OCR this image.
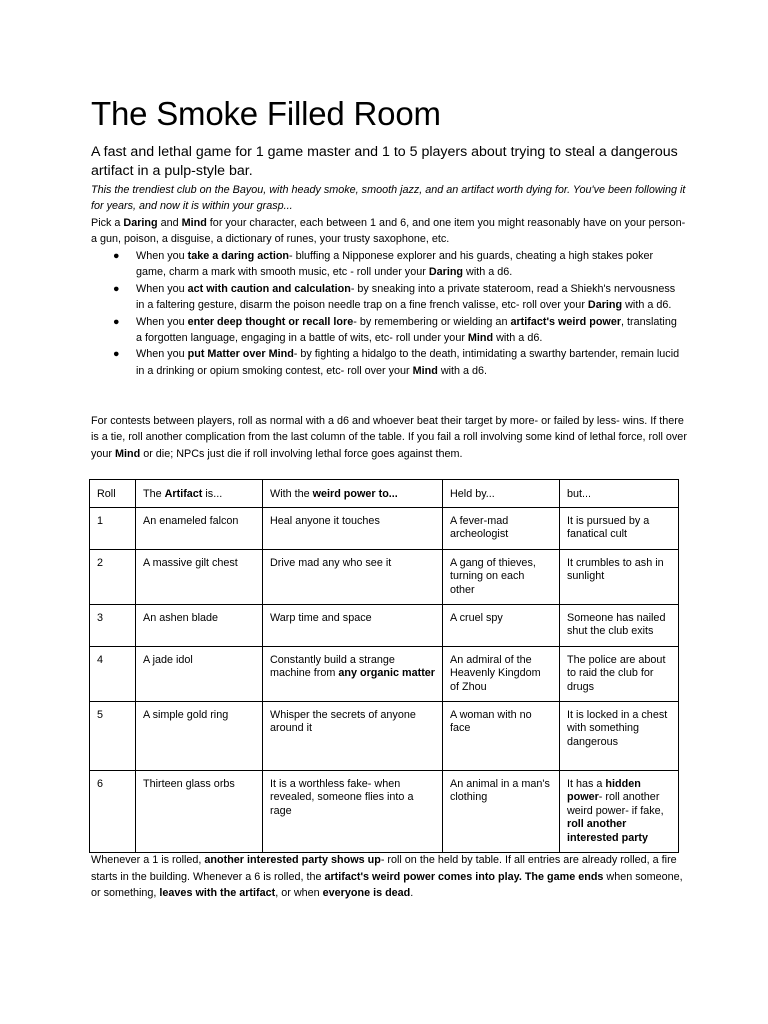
The Smoke Filled Room

A fast and lethal game for 1 game master and 1 to 5 players about trying to steal a dangerous artifact in a pulp-style bar.

This the trendiest club on the Bayou, with heady smoke, smooth jazz, and an artifact worth dying for. You've been following it for years, and now it is within your grasp...

Pick a Daring and Mind for your character, each between 1 and 6, and one item you might reasonably have on your person- a gun, poison, a disguise, a dictionary of runes, your trusty saxophone, etc.

● When you take a daring action- bluffing a Nipponese explorer and his guards, cheating a high stakes poker game, charm a mark with smooth music, etc - roll under your Daring with a d6.
● When you act with caution and calculation- by sneaking into a private stateroom, read a Shiekh's nervousness in a faltering gesture, disarm the poison needle trap on a fine french valisse, etc- roll over your Daring with a d6.
● When you enter deep thought or recall lore- by remembering or wielding an artifact's weird power, translating a forgotten language, engaging in a battle of wits, etc- roll under your Mind with a d6.
● When you put Matter over Mind- by fighting a hidalgo to the death, intimidating a swarthy bartender, remain lucid in a drinking or opium smoking contest, etc- roll over your Mind with a d6.

For contests between players, roll as normal with a d6 and whoever beat their target by more- or failed by less- wins. If there is a tie, roll another complication from the last column of the table. If you fail a roll involving some kind of lethal force, roll over your Mind or die; NPCs just die if roll involving lethal force goes against them.

Roll	The Artifact is...	With the weird power to...	Held by...	but...
1	An enameled falcon	Heal anyone it touches	A fever-mad archeologist	It is pursued by a fanatical cult
2	A massive gilt chest	Drive mad any who see it	A gang of thieves, turning on each other	It crumbles to ash in sunlight
3	An ashen blade	Warp time and space	A cruel spy	Someone has nailed shut the club exits
4	A jade idol	Constantly build a strange machine from any organic matter	An admiral of the Heavenly Kingdom of Zhou	The police are about to raid the club for drugs
5	A simple gold ring	Whisper the secrets of anyone around it	A woman with no face	It is locked in a chest with something dangerous
6	Thirteen glass orbs	It is a worthless fake- when revealed, someone flies into a rage	An animal in a man's clothing	It has a hidden power- roll another weird power- if fake, roll another interested party

Whenever a 1 is rolled, another interested party shows up- roll on the held by table. If all entries are already rolled, a fire starts in the building. Whenever a 6 is rolled, the artifact's weird power comes into play. The game ends when someone, or something, leaves with the artifact, or when everyone is dead.
